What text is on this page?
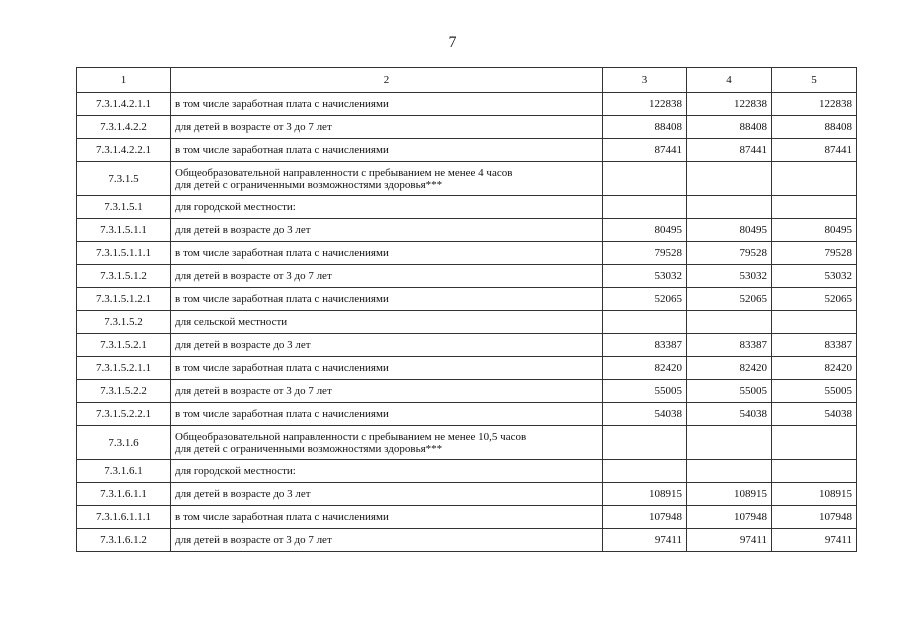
7
1	2	3	4	5
7.3.1.4.2.1.1	в том числе заработная плата с начислениями	122838	122838	122838
7.3.1.4.2.2	для детей в возрасте от 3 до 7 лет	88408	88408	88408
7.3.1.4.2.2.1	в том числе заработная плата с начислениями	87441	87441	87441
7.3.1.5	Общеобразовательной направленности с пребыванием не менее 4 часов
для детей с ограниченными возможностями здоровья***			

7.3.1.5.1	для городской местности:			
7.3.1.5.1.1	для детей в возрасте до 3 лет	80495	80495	80495
7.3.1.5.1.1.1	в том числе заработная плата с начислениями	79528	79528	79528
7.3.1.5.1.2	для детей в возрасте от 3 до 7 лет	53032	53032	53032
7.3.1.5.1.2.1	в том числе заработная плата с начислениями	52065	52065	52065
7.3.1.5.2	для сельской местности			
7.3.1.5.2.1	для детей в возрасте до 3 лет	83387	83387	83387
7.3.1.5.2.1.1	в том числе заработная плата с начислениями	82420	82420	82420
7.3.1.5.2.2	для детей в возрасте от 3 до 7 лет	55005	55005	55005
7.3.1.5.2.2.1	в том числе заработная плата с начислениями	54038	54038	54038
7.3.1.6	Общеобразовательной направленности с пребыванием не менее 10,5 часов
для детей с ограниченными возможностями здоровья***			

7.3.1.6.1	для городской местности:			
7.3.1.6.1.1	для детей в возрасте до 3 лет	108915	108915	108915
7.3.1.6.1.1.1	в том числе заработная плата с начислениями	107948	107948	107948
7.3.1.6.1.2	для детей в возрасте от 3 до 7 лет	97411	97411	97411
